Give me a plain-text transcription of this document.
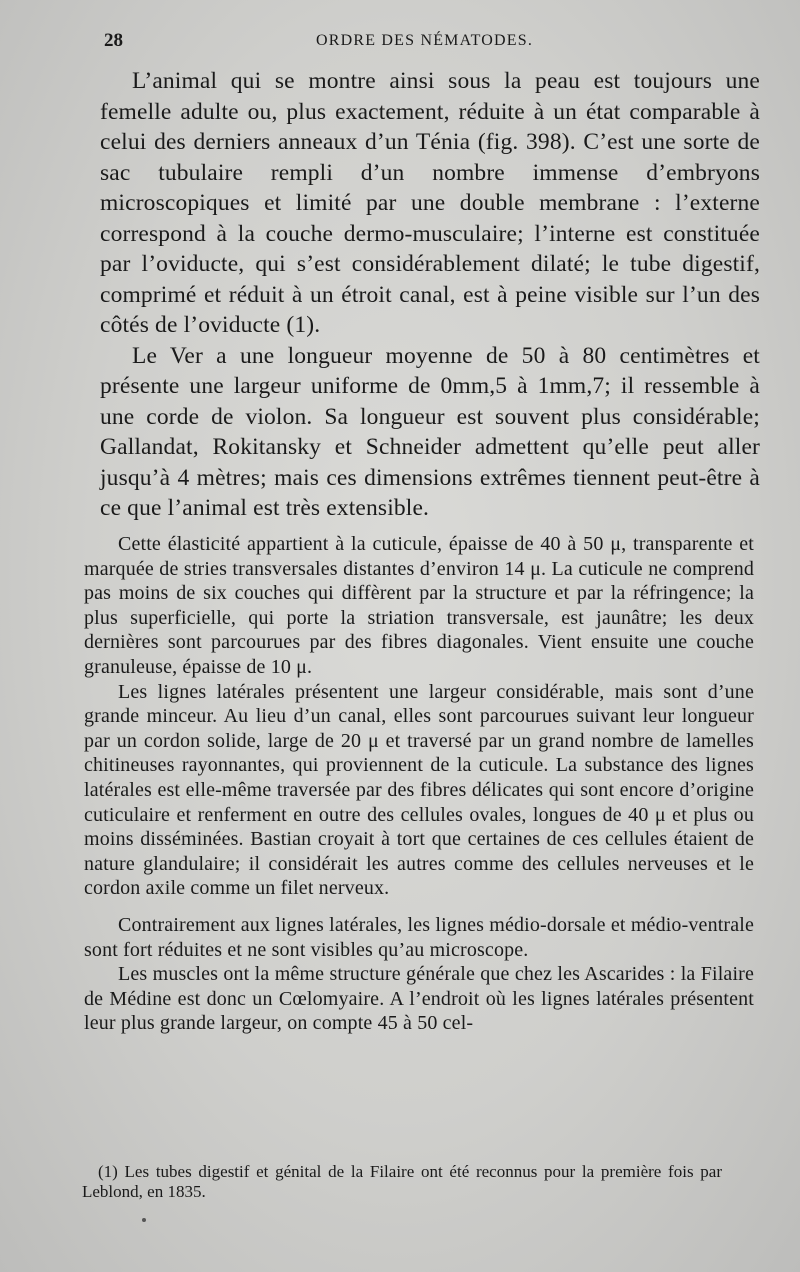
28	ORDRE DES NÉMATODES.

L’animal qui se montre ainsi sous la peau est toujours une femelle adulte ou, plus exactement, réduite à un état comparable à celui des derniers anneaux d’un Ténia (fig. 398). C’est une sorte de sac tubulaire rempli d’un nombre immense d’embryons microscopiques et limité par une double membrane : l’externe correspond à la couche dermo-musculaire; l’interne est constituée par l’oviducte, qui s’est considérablement dilaté; le tube digestif, comprimé et réduit à un étroit canal, est à peine visible sur l’un des côtés de l’oviducte (1).

Le Ver a une longueur moyenne de 50 à 80 centimètres et présente une largeur uniforme de 0mm,5 à 1mm,7; il ressemble à une corde de violon. Sa longueur est souvent plus considérable; Gallandat, Rokitansky et Schneider admettent qu’elle peut aller jusqu’à 4 mètres; mais ces dimensions extrêmes tiennent peut-être à ce que l’animal est très extensible.

Cette élasticité appartient à la cuticule, épaisse de 40 à 50 μ, transparente et marquée de stries transversales distantes d’environ 14 μ. La cuticule ne comprend pas moins de six couches qui diffèrent par la structure et par la réfringence; la plus superficielle, qui porte la striation transversale, est jaunâtre; les deux dernières sont parcourues par des fibres diagonales. Vient ensuite une couche granuleuse, épaisse de 10 μ.

Les lignes latérales présentent une largeur considérable, mais sont d’une grande minceur. Au lieu d’un canal, elles sont parcourues suivant leur longueur par un cordon solide, large de 20 μ et traversé par un grand nombre de lamelles chitineuses rayonnantes, qui proviennent de la cuticule. La substance des lignes latérales est elle-même traversée par des fibres délicates qui sont encore d’origine cuticulaire et renferment en outre des cellules ovales, longues de 40 μ et plus ou moins disséminées. Bastian croyait à tort que certaines de ces cellules étaient de nature glandulaire; il considérait les autres comme des cellules nerveuses et le cordon axile comme un filet nerveux.

Contrairement aux lignes latérales, les lignes médio-dorsale et médio-ventrale sont fort réduites et ne sont visibles qu’au microscope.

Les muscles ont la même structure générale que chez les Ascarides : la Filaire de Médine est donc un Cœlomyaire. A l’endroit où les lignes latérales présentent leur plus grande largeur, on compte 45 à 50 cel-

(1) Les tubes digestif et génital de la Filaire ont été reconnus pour la première fois par Leblond, en 1835.
